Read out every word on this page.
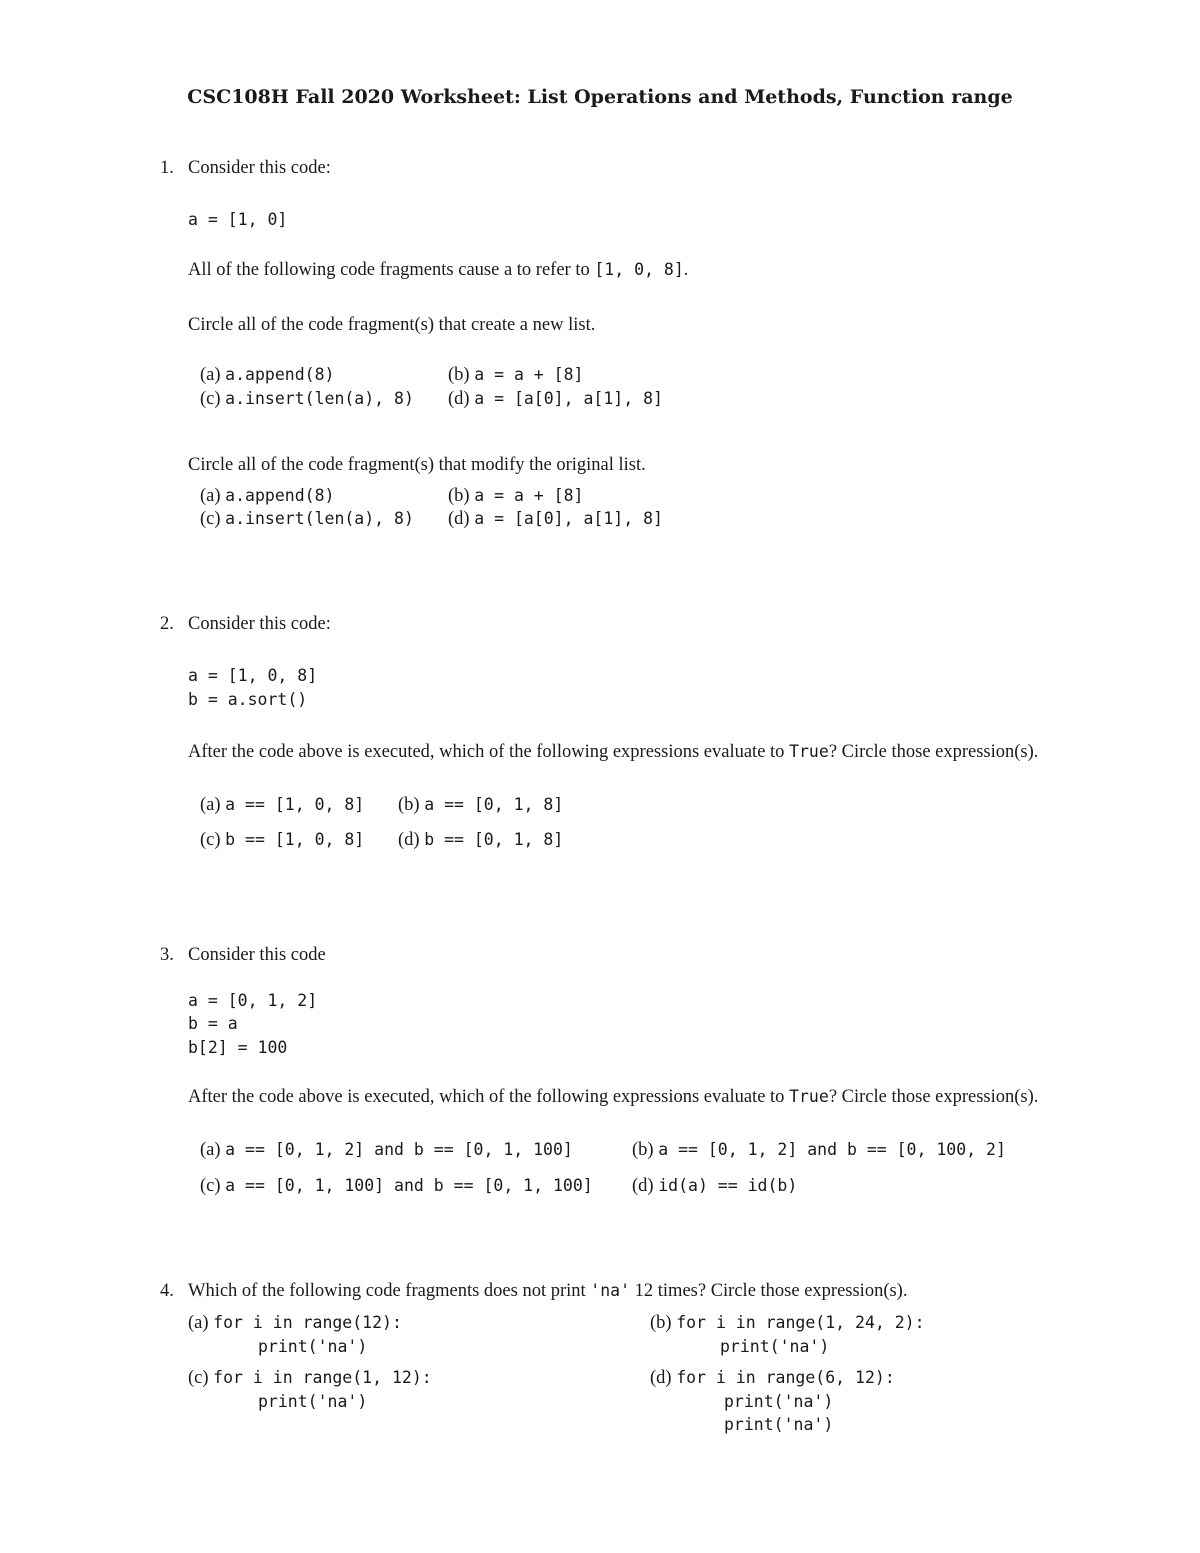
CSC108H Fall 2020 Worksheet: List Operations and Methods, Function range
1. Consider this code:
a = [1, 0]
All of the following code fragments cause a to refer to [1, 0, 8].
Circle all of the code fragment(s) that create a new list.
(a) a.append(8)	(b) a = a + [8]
(c) a.insert(len(a), 8) (d) a = [a[0], a[1], 8]
Circle all of the code fragment(s) that modify the original list.
(a) a.append(8)	(b) a = a + [8]
(c) a.insert(len(a), 8) (d) a = [a[0], a[1], 8]
2. Consider this code:
a = [1, 0, 8]
b = a.sort()
After the code above is executed, which of the following expressions evaluate to True? Circle those expression(s).
(a) a == [1, 0, 8] (b) a == [0, 1, 8]
(c) b == [1, 0, 8] (d) b == [0, 1, 8]
3. Consider this code
a = [0, 1, 2]
b = a
b[2] = 100
After the code above is executed, which of the following expressions evaluate to True? Circle those expression(s).
(a) a == [0, 1, 2] and b == [0, 1, 100]	(b) a == [0, 1, 2] and b == [0, 100, 2]
(c) a == [0, 1, 100] and b == [0, 1, 100] (d) id(a) == id(b)
4. Which of the following code fragments does not print 'na' 12 times? Circle those expression(s).
(a) for i in range(12):
print('na')
(b) for i in range(1, 24, 2):
print('na')
(c) for i in range(1, 12):
print('na')
(d) for i in range(6, 12):
print('na')
print('na')
